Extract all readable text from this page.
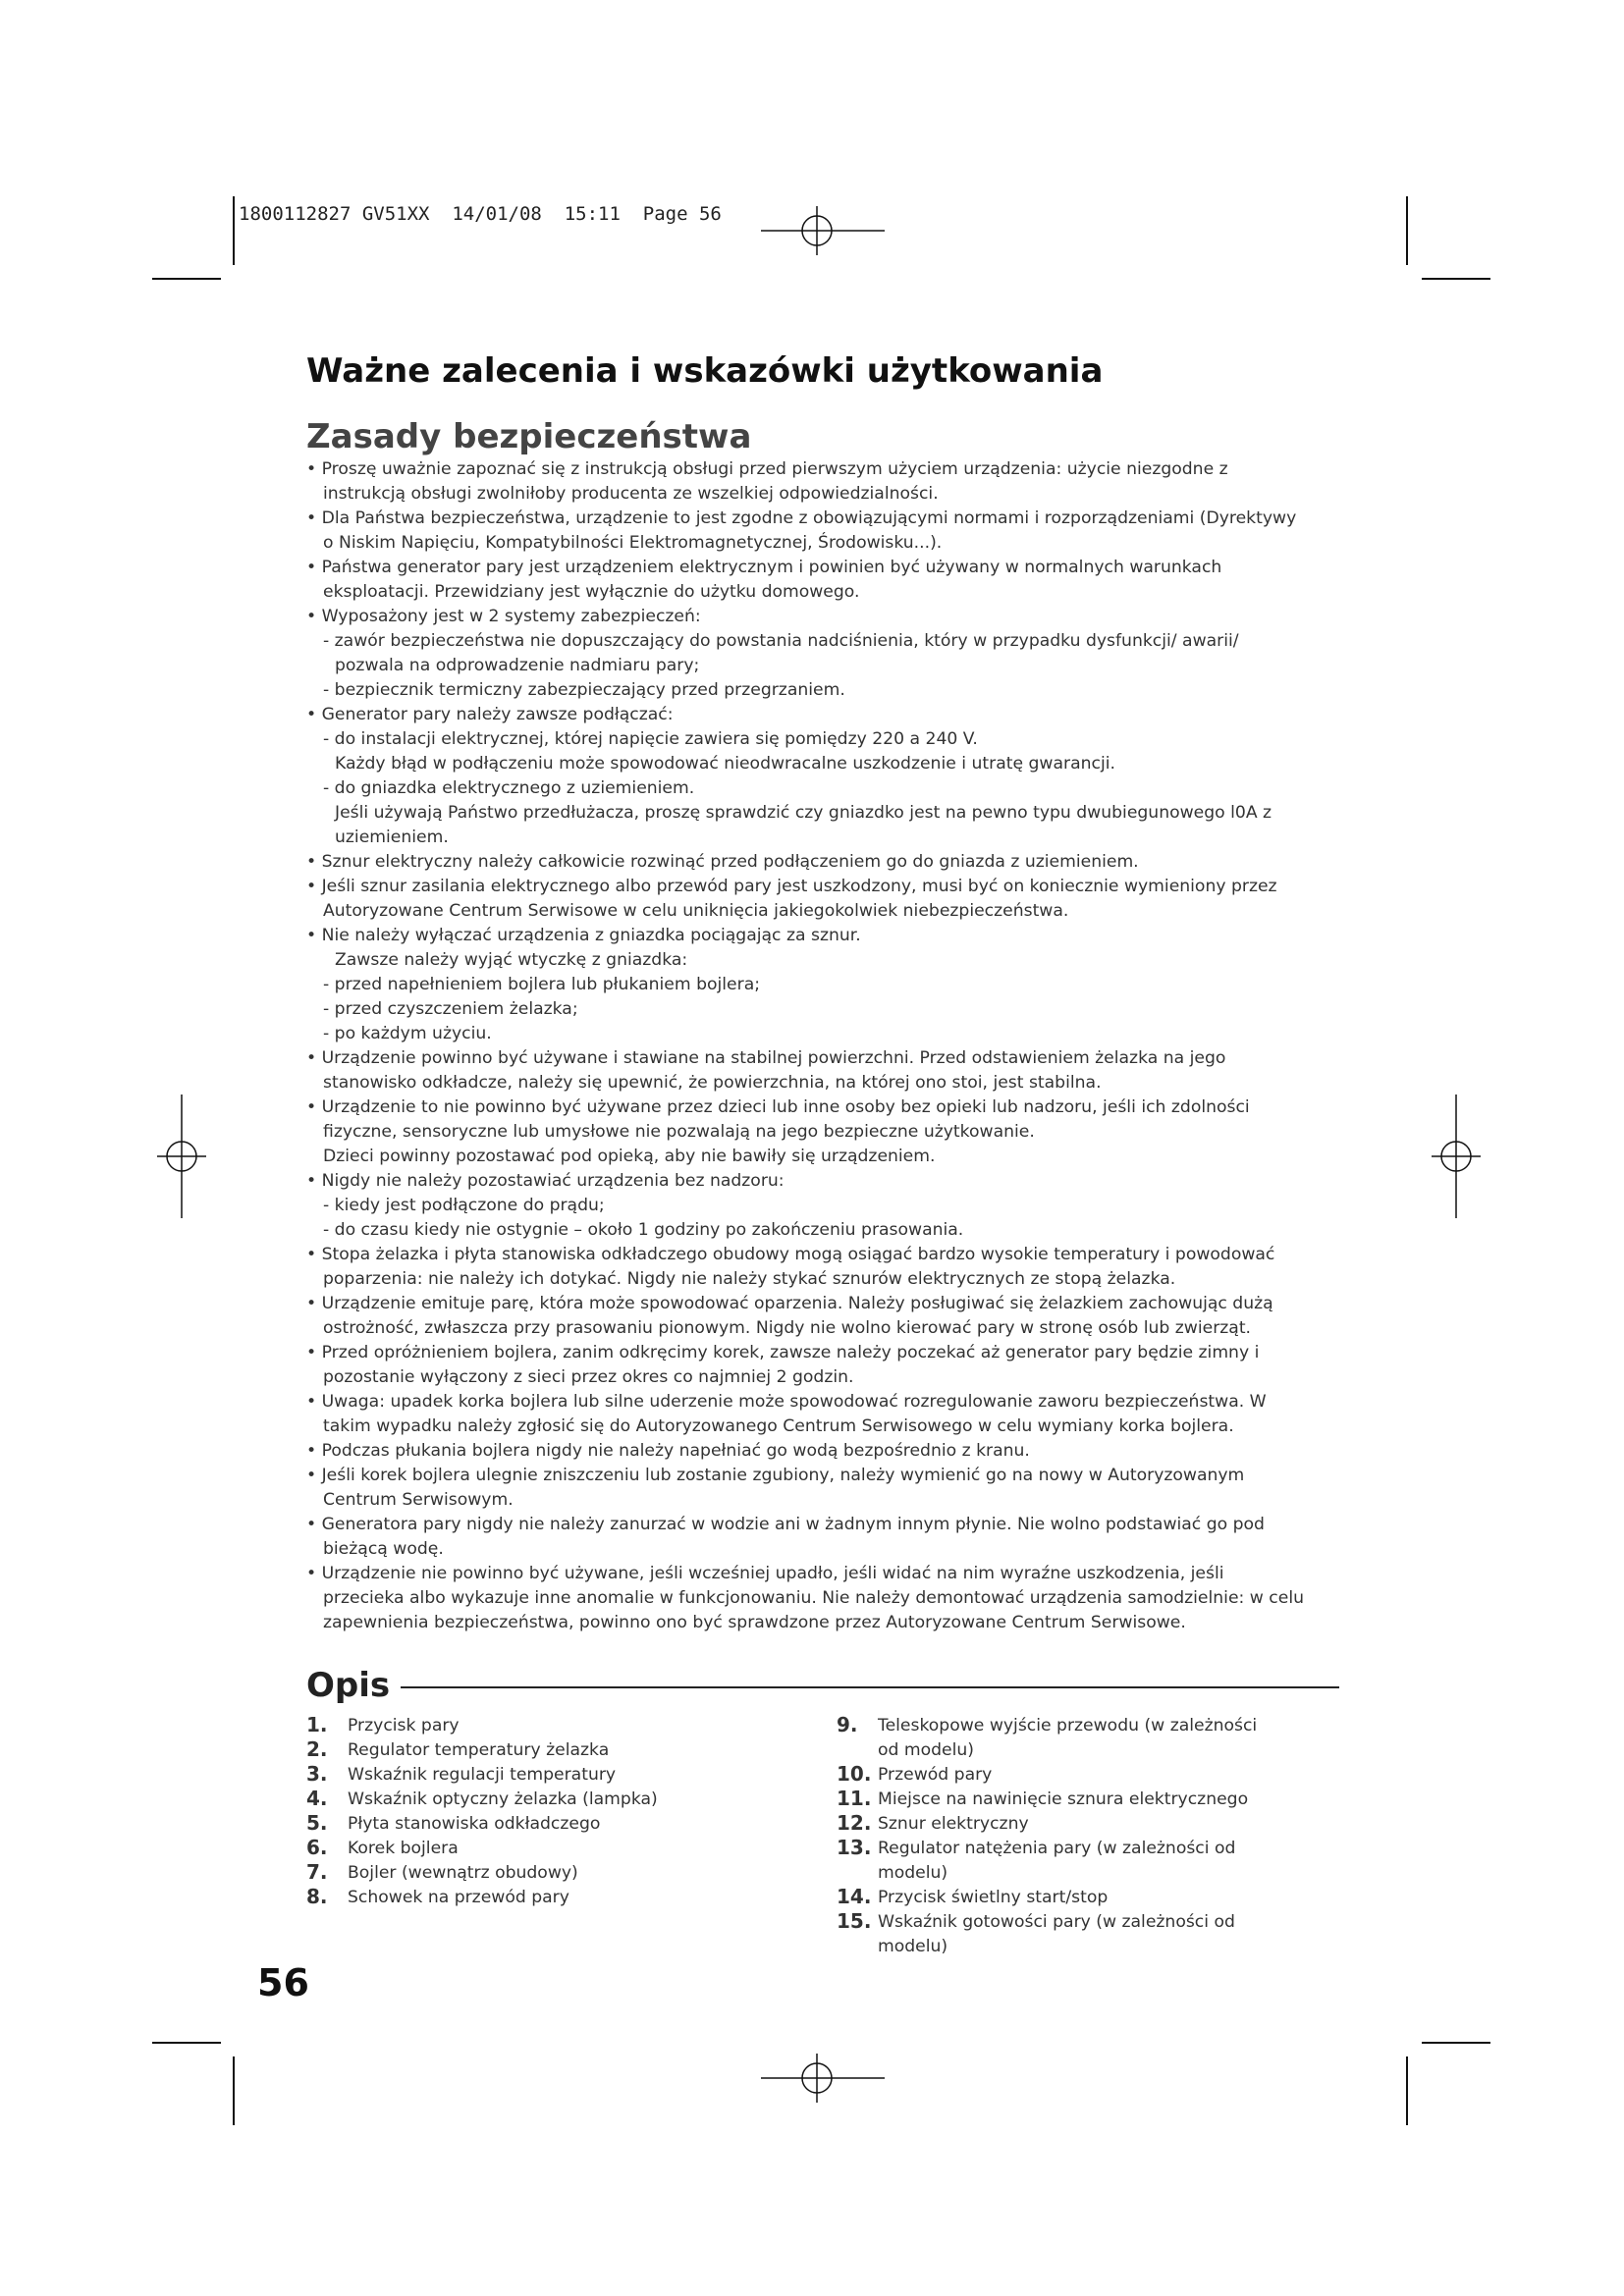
1800112827 GV51XX  14/01/08  15:11  Page 56
Ważne zalecenia i wskazówki użytkowania
Zasady bezpieczeństwa

• Proszę uważnie zapoznać się z instrukcją obsługi przed pierwszym użyciem urządzenia: użycie niezgodne z
instrukcją obsługi zwolniłoby producenta ze wszelkiej odpowiedzialności.

• Dla Państwa bezpieczeństwa, urządzenie to jest zgodne z obowiązującymi normami i rozporządzeniami (Dyrektywy
o Niskim Napięciu, Kompatybilności Elektromagnetycznej, Środowisku...).

• Państwa generator pary jest urządzeniem elektrycznym i powinien być używany w normalnych warunkach
eksploatacji. Przewidziany jest wyłącznie do użytku domowego.

• Wyposażony jest w 2 systemy zabezpieczeń:

- zawór bezpieczeństwa nie dopuszczający do powstania nadciśnienia, który w przypadku dysfunkcji/ awarii/
pozwala na odprowadzenie nadmiaru pary;

- bezpiecznik termiczny zabezpieczający przed przegrzaniem.

• Generator pary należy zawsze podłączać:

- do instalacji elektrycznej, której napięcie zawiera się pomiędzy 220 a 240 V.

Każdy błąd w podłączeniu może spowodować nieodwracalne uszkodzenie i utratę gwarancji.

- do gniazdka elektrycznego z uziemieniem.

Jeśli używają Państwo przedłużacza, proszę sprawdzić czy gniazdko jest na pewno typu dwubiegunowego l0A z
uziemieniem.

• Sznur elektryczny należy całkowicie rozwinąć przed podłączeniem go do gniazda z uziemieniem.

• Jeśli sznur zasilania elektrycznego albo przewód pary jest uszkodzony, musi być on koniecznie wymieniony przez
Autoryzowane Centrum Serwisowe w celu uniknięcia jakiegokolwiek niebezpieczeństwa.

• Nie należy wyłączać urządzenia z gniazdka pociągając za sznur.

Zawsze należy wyjąć wtyczkę z gniazdka:

- przed napełnieniem bojlera lub płukaniem bojlera;

- przed czyszczeniem żelazka;

- po każdym użyciu.

• Urządzenie powinno być używane i stawiane na stabilnej powierzchni. Przed odstawieniem żelazka na jego
stanowisko odkładcze, należy się upewnić, że powierzchnia, na której ono stoi, jest stabilna.

• Urządzenie to nie powinno być używane przez dzieci lub inne osoby bez opieki lub nadzoru, jeśli ich zdolności
fizyczne, sensoryczne lub umysłowe nie pozwalają na jego bezpieczne użytkowanie.
Dzieci powinny pozostawać pod opieką, aby nie bawiły się urządzeniem.

• Nigdy nie należy pozostawiać urządzenia bez nadzoru:

- kiedy jest podłączone do prądu;

- do czasu kiedy nie ostygnie – około 1 godziny po zakończeniu prasowania.

• Stopa żelazka i płyta stanowiska odkładczego obudowy mogą osiągać bardzo wysokie temperatury i powodować
poparzenia: nie należy ich dotykać. Nigdy nie należy stykać sznurów elektrycznych ze stopą żelazka.

• Urządzenie emituje parę, która może spowodować oparzenia. Należy posługiwać się żelazkiem zachowując dużą
ostrożność, zwłaszcza przy prasowaniu pionowym. Nigdy nie wolno kierować pary w stronę osób lub zwierząt.

• Przed opróżnieniem bojlera, zanim odkręcimy korek, zawsze należy poczekać aż generator pary będzie zimny i
pozostanie wyłączony z sieci przez okres co najmniej 2 godzin.

• Uwaga: upadek korka bojlera lub silne uderzenie może spowodować rozregulowanie zaworu bezpieczeństwa. W
takim wypadku należy zgłosić się do Autoryzowanego Centrum Serwisowego w celu wymiany korka bojlera.

• Podczas płukania bojlera nigdy nie należy napełniać go wodą bezpośrednio z kranu.

• Jeśli korek bojlera ulegnie zniszczeniu lub zostanie zgubiony, należy wymienić go na nowy w Autoryzowanym
Centrum Serwisowym.

• Generatora pary nigdy nie należy zanurzać w wodzie ani w żadnym innym płynie. Nie wolno podstawiać go pod
bieżącą wodę.

• Urządzenie nie powinno być używane, jeśli wcześniej upadło, jeśli widać na nim wyraźne uszkodzenia, jeśli
przecieka albo wykazuje inne anomalie w funkcjonowaniu. Nie należy demontować urządzenia samodzielnie: w celu
zapewnienia bezpieczeństwa, powinno ono być sprawdzone przez Autoryzowane Centrum Serwisowe.

Opis
1. Przycisk pary
2. Regulator temperatury żelazka
3. Wskaźnik regulacji temperatury
4. Wskaźnik optyczny żelazka (lampka)
5. Płyta stanowiska odkładczego
6. Korek bojlera
7. Bojler (wewnątrz obudowy)
8. Schowek na przewód pary
9. Teleskopowe wyjście przewodu (w zależności
od modelu)
10. Przewód pary
11. Miejsce na nawinięcie sznura elektrycznego
12. Sznur elektryczny
13. Regulator natężenia pary (w zależności od
modelu)
14. Przycisk świetlny start/stop
15. Wskaźnik gotowości pary (w zależności od
modelu)
56
